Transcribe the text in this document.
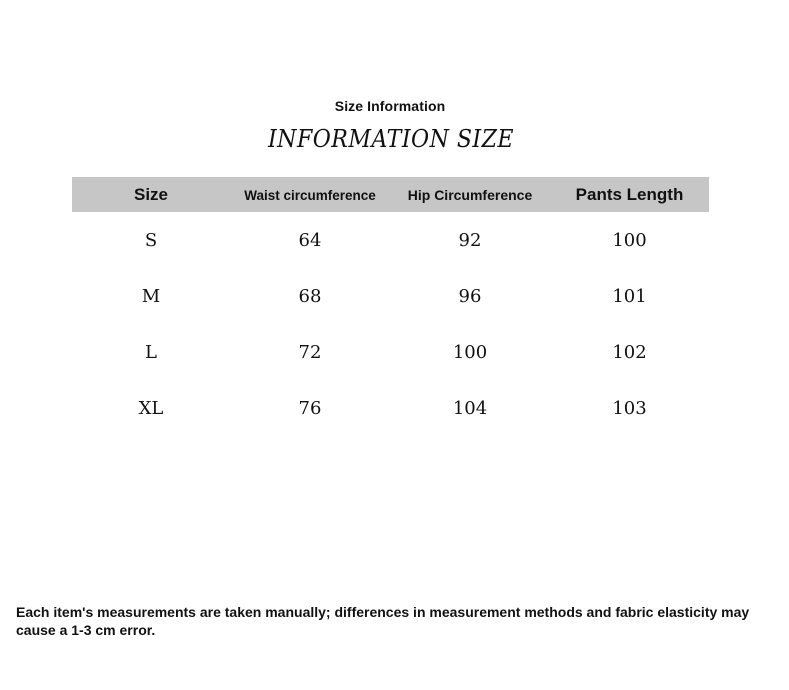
Size Information
INFORMATION SIZE
Size	Waist circumference	Hip Circumference	Pants Length
S	64	92	100
M	68	96	101
L	72	100	102
XL	76	104	103
Each item's measurements are taken manually; differences in measurement methods and fabric elasticity may cause a 1-3 cm error.
